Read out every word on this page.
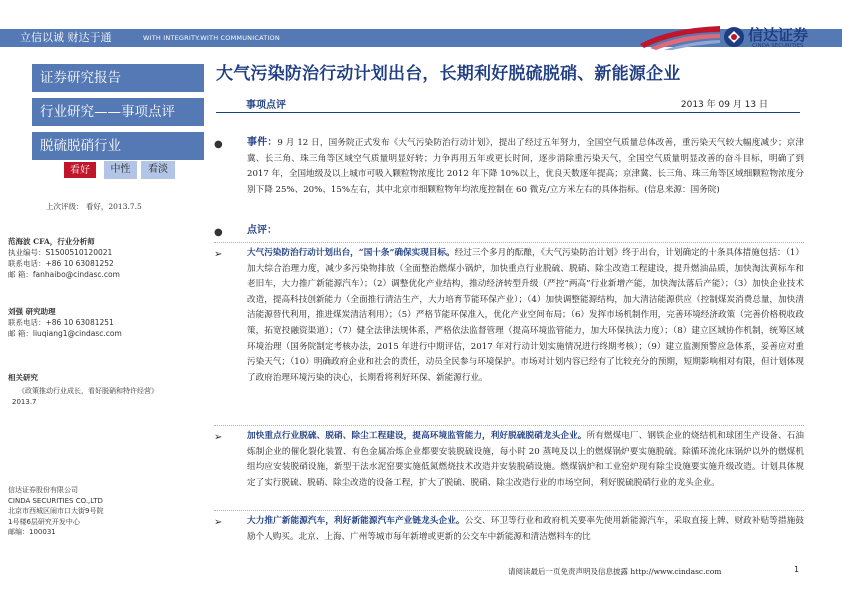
立信以诚 财达于通	WITH INTEGRITY.WITH COMMUNICATION	信达证券
CINDA SECURITIES
证券研究报告
行业研究——事项点评
脱硫脱硝行业
看好	中性	看淡
上次评级： 看好，2013.7.5
范海波 CFA，行业分析师
执业编号：S1500510120021
联系电话：+86 10 63081252
邮 箱：fanhaibo@cindasc.com
刘强 研究助理
联系电话：+86 10 63081251
邮 箱：liuqiang1@cindasc.com
相关研究
《政策推动行业成长，看好脱硝和特许经营》
2013.7
信达证券股份有限公司
CINDA SECURITIES CO.,LTD
北京市西城区闹市口大街9号院
1号楼6层研究开发中心
邮编：100031
大气污染防治行动计划出台，长期利好脱硫脱硝、新能源企业
事项点评	2013 年 09 月 13 日
●	事件：9 月 12 日，国务院正式发布《大气污染防治行动计划》，提出了经过五年努力，全国空气质量总体改善，重污染天气较大幅度减少；京津冀、长三角、珠三角等区域空气质量明显好转；力争再用五年或更长时间，逐步消除重污染天气，全国空气质量明显改善的奋斗目标，明确了到 2017 年，全国地级及以上城市可吸入颗粒物浓度比 2012 年下降 10%以上，优良天数逐年提高；京津冀、长三角、珠三角等区域细颗粒物浓度分别下降 25%、20%、15%左右，其中北京市细颗粒物年均浓度控制在 60 微克/立方米左右的具体指标。(信息来源：国务院)
●	点评：
➢	大气污染防治行动计划出台，“国十条”确保实现目标。经过三个多月的酝酿，《大气污染防治计划》终于出台，计划确定的十条具体措施包括：（1）加大综合治理力度，减少多污染物排放（全面整治燃煤小锅炉，加快重点行业脱硫、脱硝、除尘改造工程建设，提升燃油品质，加快淘汰黄标车和老旧车，大力推广新能源汽车）；（2）调整优化产业结构，推动经济转型升级（严控“两高”行业新增产能，加快淘汰落后产能）；（3）加快企业技术改造，提高科技创新能力（全面推行清洁生产，大力培育节能环保产业）；（4）加快调整能源结构，加大清洁能源供应（控制煤炭消费总量，加快清洁能源替代利用，推进煤炭清洁利用）；（5）严格节能环保准入，优化产业空间布局；（6）发挥市场机制作用，完善环境经济政策（完善价格税收政策，拓宽投融资渠道）；（7）健全法律法规体系，严格依法监督管理（提高环境监管能力，加大环保执法力度）；（8）建立区域协作机制，统筹区域环境治理（国务院制定考核办法，2015 年进行中期评估，2017 年对行动计划实施情况进行终期考核）；（9）建立监测预警应急体系，妥善应对重污染天气；（10）明确政府企业和社会的责任，动员全民参与环境保护。市场对计划内容已经有了比较充分的预期，短期影响相对有限，但计划体现了政府治理环境污染的决心，长期看将利好环保、新能源行业。
➢	加快重点行业脱硫、脱硝、除尘工程建设，提高环境监管能力，利好脱硫脱硝龙头企业。所有燃煤电厂、钢铁企业的烧结机和球团生产设备、石油炼制企业的催化裂化装置、有色金属冶炼企业都要安装脱硫设施，每小时 20 蒸吨及以上的燃煤锅炉要实施脱硫。除循环流化床锅炉以外的燃煤机组均应安装脱硝设施，新型干法水泥窑要实施低氮燃烧技术改造并安装脱硝设施。燃煤锅炉和工业窑炉现有除尘设施要实施升级改造。计划具体规定了实行脱硫、脱硝、除尘改造的设备工程，扩大了脱硫、脱硝、除尘改造行业的市场空间，利好脱硫脱硝行业的龙头企业。
➢	大力推广新能源汽车，利好新能源汽车产业链龙头企业。公交、环卫等行业和政府机关要率先使用新能源汽车，采取直接上牌、财政补贴等措施鼓励个人购买。北京、上海、广州等城市每年新增或更新的公交车中新能源和清洁燃料车的比
请阅读最后一页免责声明及信息披露 http://www.cindasc.com	1
